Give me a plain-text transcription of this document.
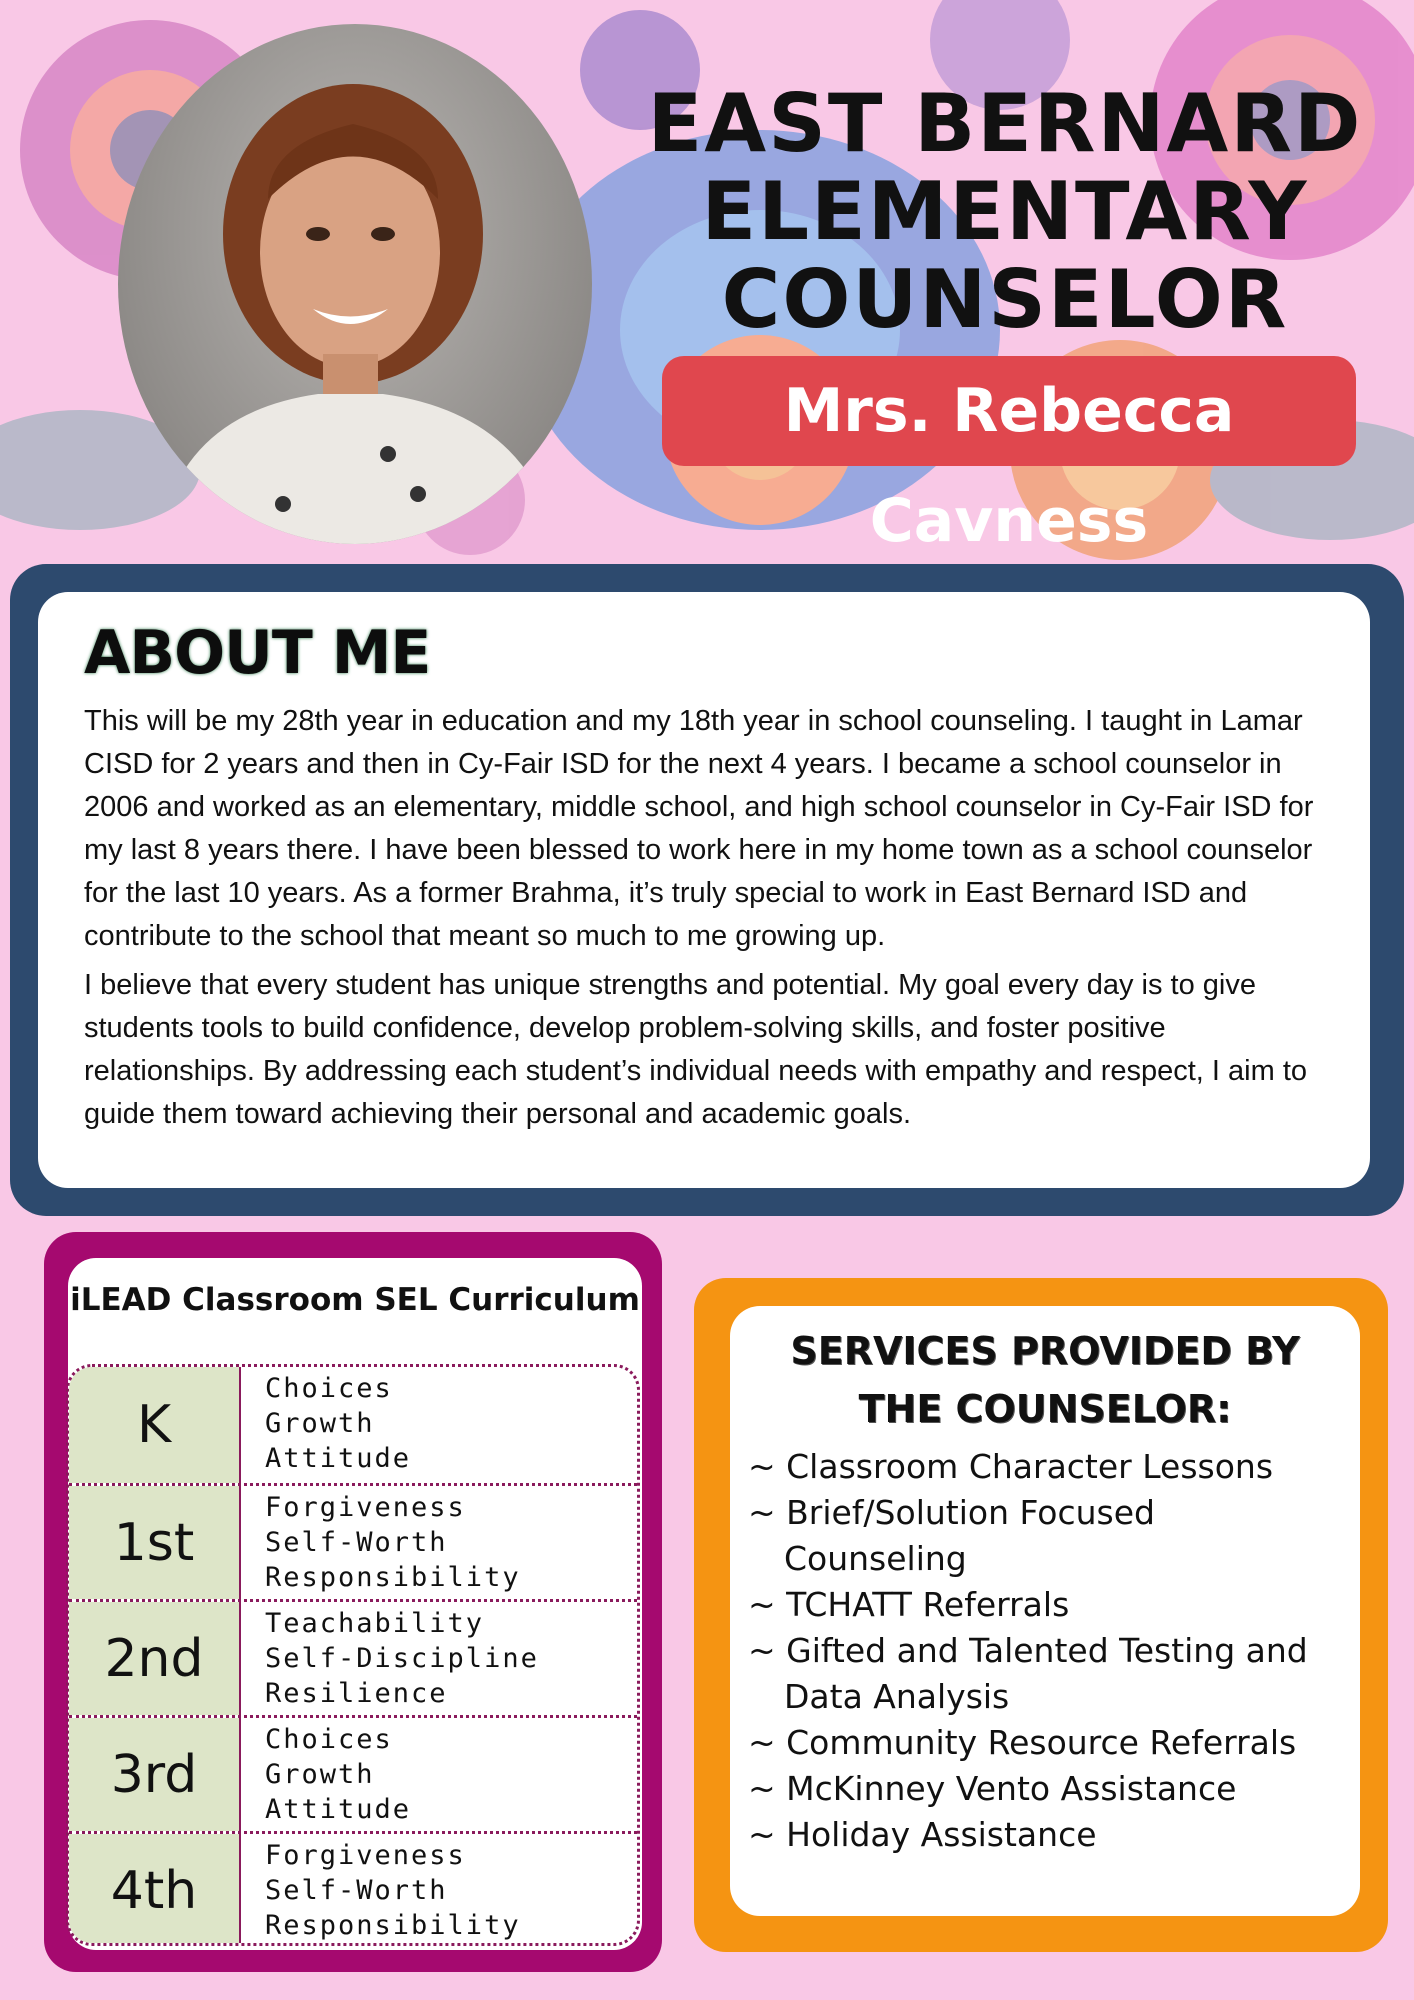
EAST BERNARD
ELEMENTARY
COUNSELOR
Mrs. Rebecca Cavness
ABOUT ME

This will be my 28th year in education and my 18th year in school counseling. I taught in Lamar CISD for 2 years and then in Cy-Fair ISD for the next 4 years. I became a school counselor in 2006 and worked as an elementary, middle school, and high school counselor in Cy-Fair ISD for my last 8 years there. I have been blessed to work here in my home town as a school counselor for the last 10 years. As a former Brahma, it’s truly special to work in East Bernard ISD and contribute to the school that meant so much to me growing up.

I believe that every student has unique strengths and potential. My goal every day is to give students tools to build confidence, develop problem-solving skills, and foster positive relationships. By addressing each student’s individual needs with empathy and respect, I aim to guide them toward achieving their personal and academic goals.

iLEAD Classroom SEL Curriculum
K
Choices
Growth
Attitude
1st
Forgiveness
Self-Worth
Responsibility
2nd
Teachability
Self-Discipline
Resilience
3rd
Choices
Growth
Attitude
4th
Forgiveness
Self-Worth
Responsibility
SERVICES PROVIDED BY
THE COUNSELOR:
~ Classroom Character Lessons
~ Brief/Solution Focused Counseling
~ TCHATT Referrals
~ Gifted and Talented Testing and Data Analysis
~ Community Resource Referrals
~ McKinney Vento Assistance
~ Holiday Assistance
